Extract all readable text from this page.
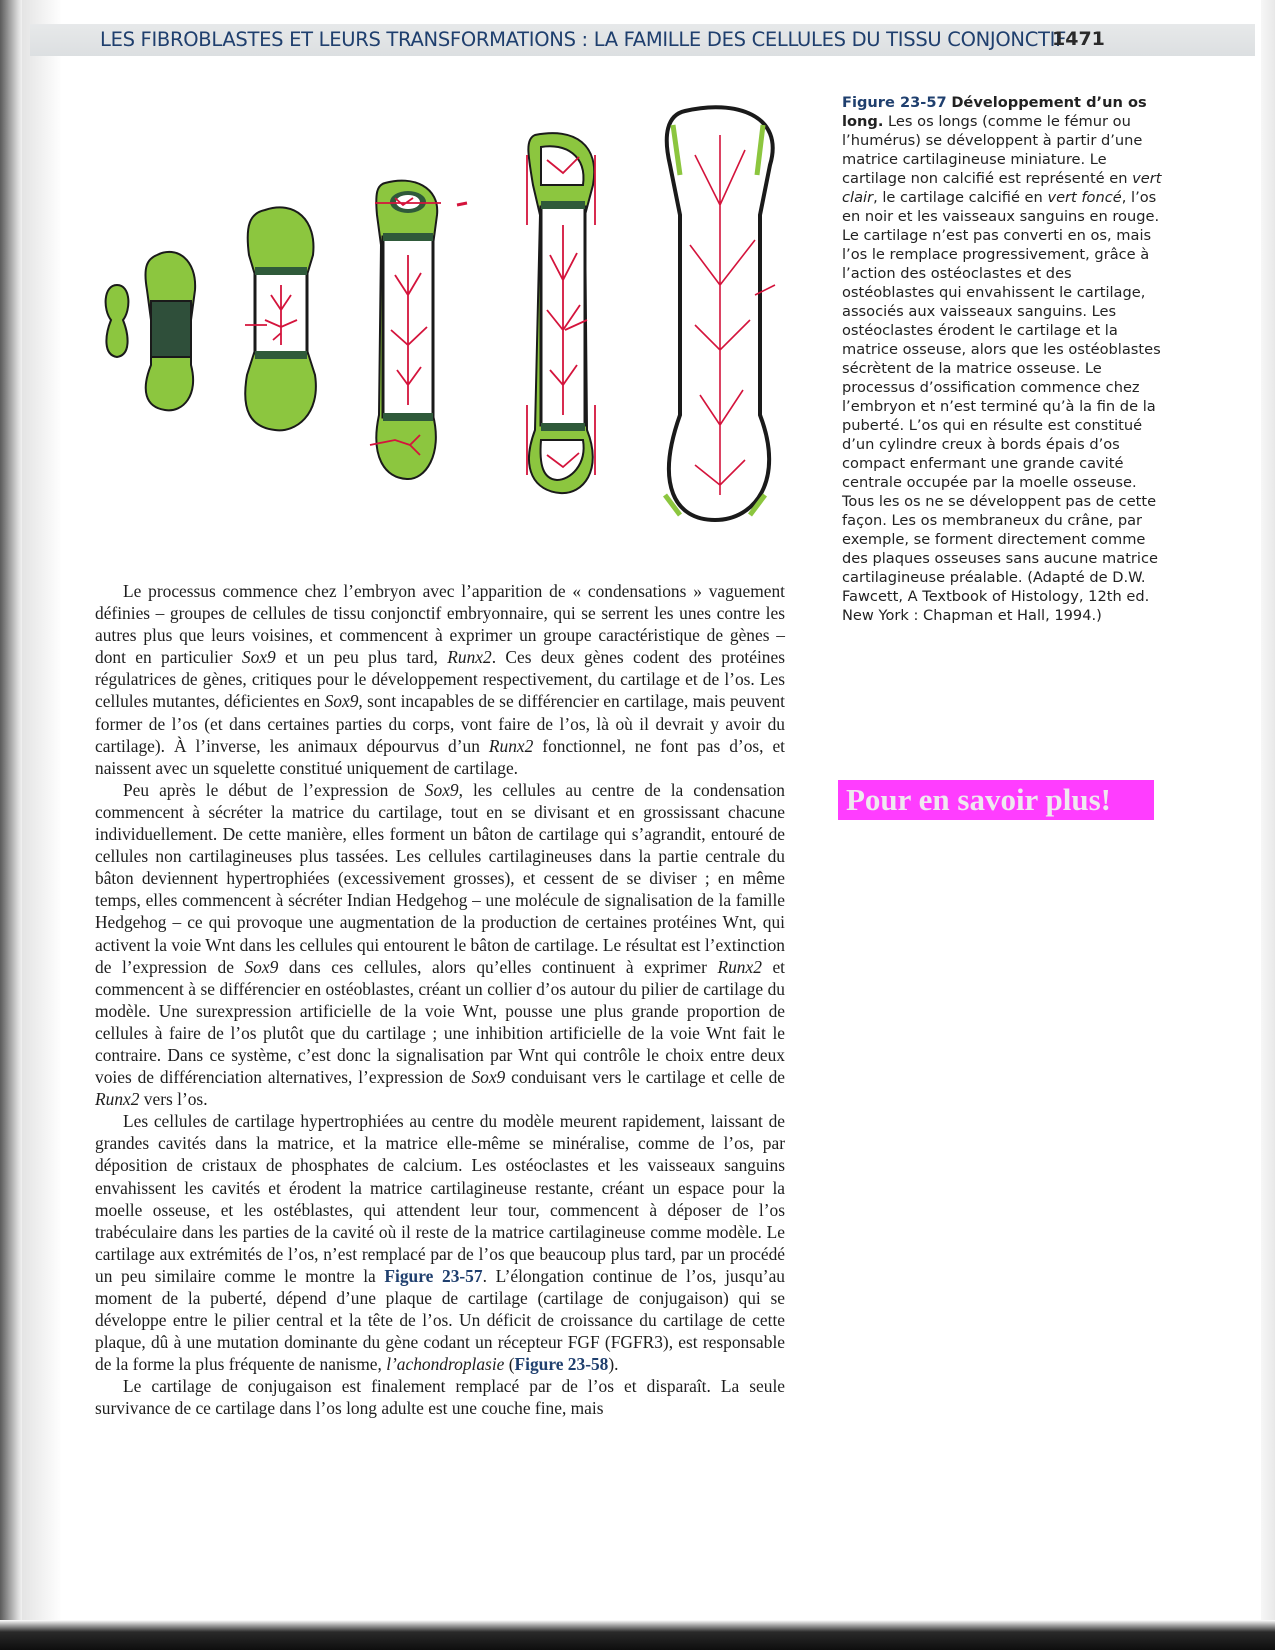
LES FIBROBLASTES ET LEURS TRANSFORMATIONS : LA FAMILLE DES CELLULES DU TISSU CONJONCTIF
1471
Figure 23-57 Développement d’un os long. Les os longs (comme le fémur ou l’humérus) se développent à partir d’une matrice cartilagineuse miniature. Le cartilage non calcifié est représenté en vert clair, le cartilage calcifié en vert foncé, l’os en noir et les vaisseaux sanguins en rouge. Le cartilage n’est pas converti en os, mais l’os le remplace progressivement, grâce à l’action des ostéoclastes et des ostéoblastes qui envahissent le cartilage, associés aux vaisseaux sanguins. Les ostéoclastes érodent le cartilage et la matrice osseuse, alors que les ostéoblastes sécrètent de la matrice osseuse. Le processus d’ossification commence chez l’embryon et n’est terminé qu’à la fin de la puberté. L’os qui en résulte est constitué d’un cylindre creux à bords épais d’os compact enfermant une grande cavité centrale occupée par la moelle osseuse. Tous les os ne se développent pas de cette façon. Les os membraneux du crâne, par exemple, se forment directement comme des plaques osseuses sans aucune matrice cartilagineuse préalable. (Adapté de D.W. Fawcett, A Textbook of Histology, 12th ed. New York : Chapman et Hall, 1994.)
Pour en savoir plus!

Le processus commence chez l’embryon avec l’apparition de « condensations » vaguement définies – groupes de cellules de tissu conjonctif embryonnaire, qui se serrent les unes contre les autres plus que leurs voisines, et commencent à exprimer un groupe caractéristique de gènes – dont en particulier Sox9 et un peu plus tard, Runx2. Ces deux gènes codent des protéines régulatrices de gènes, critiques pour le développement respectivement, du cartilage et de l’os. Les cellules mutantes, déficientes en Sox9, sont incapables de se différencier en cartilage, mais peuvent former de l’os (et dans certaines parties du corps, vont faire de l’os, là où il devrait y avoir du cartilage). À l’inverse, les animaux dépourvus d’un Runx2 fonctionnel, ne font pas d’os, et naissent avec un squelette constitué uniquement de cartilage.

Peu après le début de l’expression de Sox9, les cellules au centre de la condensation commencent à sécréter la matrice du cartilage, tout en se divisant et en grossissant chacune individuellement. De cette manière, elles forment un bâton de cartilage qui s’agrandit, entouré de cellules non cartilagineuses plus tassées. Les cellules cartilagineuses dans la partie centrale du bâton deviennent hypertrophiées (excessivement grosses), et cessent de se diviser ; en même temps, elles commencent à sécréter Indian Hedgehog – une molécule de signalisation de la famille Hedgehog – ce qui provoque une augmentation de la production de certaines protéines Wnt, qui activent la voie Wnt dans les cellules qui entourent le bâton de cartilage. Le résultat est l’extinction de l’expression de Sox9 dans ces cellules, alors qu’elles continuent à exprimer Runx2 et commencent à se différencier en ostéoblastes, créant un collier d’os autour du pilier de cartilage du modèle. Une surexpression artificielle de la voie Wnt, pousse une plus grande proportion de cellules à faire de l’os plutôt que du cartilage ; une inhibition artificielle de la voie Wnt fait le contraire. Dans ce système, c’est donc la signalisation par Wnt qui contrôle le choix entre deux voies de différenciation alternatives, l’expression de Sox9 conduisant vers le cartilage et celle de Runx2 vers l’os.

Les cellules de cartilage hypertrophiées au centre du modèle meurent rapidement, laissant de grandes cavités dans la matrice, et la matrice elle-même se minéralise, comme de l’os, par déposition de cristaux de phosphates de calcium. Les ostéoclastes et les vaisseaux sanguins envahissent les cavités et érodent la matrice cartilagineuse restante, créant un espace pour la moelle osseuse, et les ostéblastes, qui attendent leur tour, commencent à déposer de l’os trabéculaire dans les parties de la cavité où il reste de la matrice cartilagineuse comme modèle. Le cartilage aux extrémités de l’os, n’est remplacé par de l’os que beaucoup plus tard, par un procédé un peu similaire comme le montre la Figure 23-57. L’élongation continue de l’os, jusqu’au moment de la puberté, dépend d’une plaque de cartilage (cartilage de conjugaison) qui se développe entre le pilier central et la tête de l’os. Un déficit de croissance du cartilage de cette plaque, dû à une mutation dominante du gène codant un récepteur FGF (FGFR3), est responsable de la forme la plus fréquente de nanisme, l’achondroplasie (Figure 23-58).

Le cartilage de conjugaison est finalement remplacé par de l’os et disparaît. La seule survivance de ce cartilage dans l’os long adulte est une couche fine, mais
